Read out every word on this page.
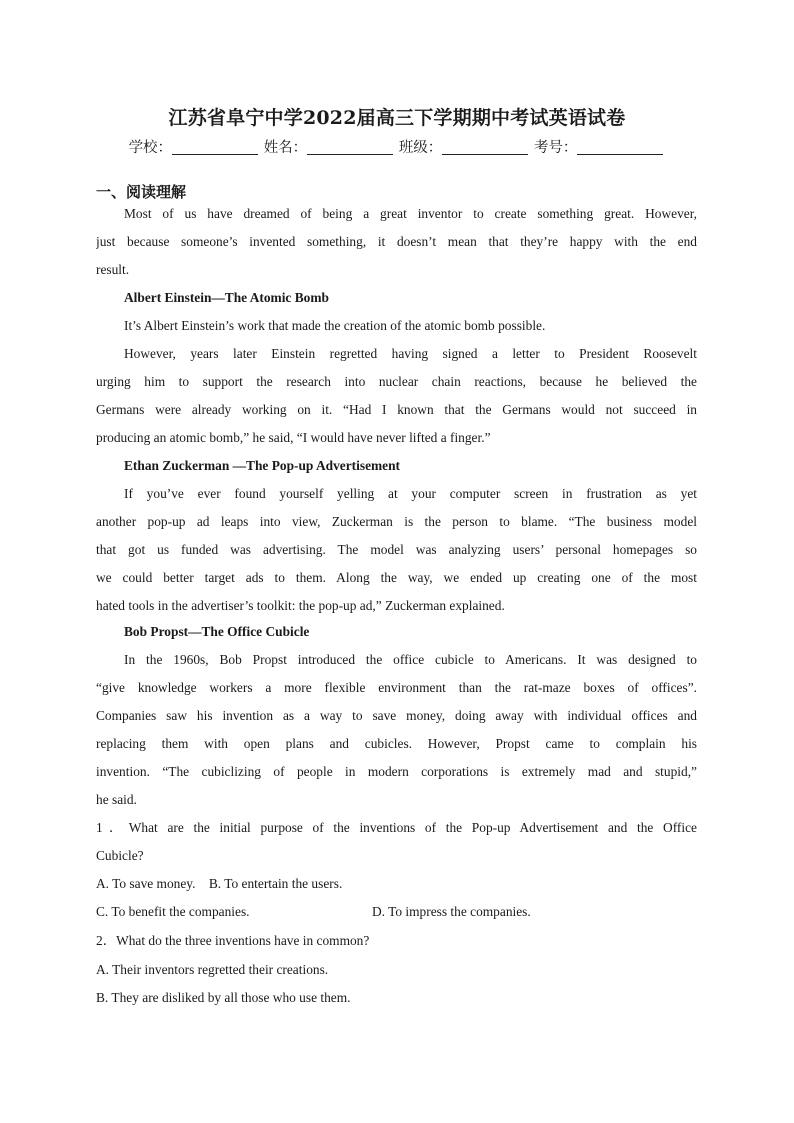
江苏省阜宁中学2022届高三下学期期中考试英语试卷
学校：	姓名：	班级：	考号：
一、阅读理解
Most of us have dreamed of being a great inventor to create something great. However,
just because someone’s invented something, it doesn’t mean that they’re happy with the end
result.
Albert Einstein—The Atomic Bomb
It’s Albert Einstein’s work that made the creation of the atomic bomb possible.
However, years later Einstein regretted having signed a letter to President Roosevelt
urging him to support the research into nuclear chain reactions, because he believed the
Germans were already working on it. “Had I known that the Germans would not succeed in
producing an atomic bomb,” he said, “I would have never lifted a finger.”
Ethan Zuckerman —The Pop-up Advertisement
If you’ve ever found yourself yelling at your computer screen in frustration as yet
another pop-up ad leaps into view, Zuckerman is the person to blame. “The business model
that got us funded was advertising. The model was analyzing users’ personal homepages so
we could better target ads to them. Along the way, we ended up creating one of the most
hated tools in the advertiser’s toolkit: the pop-up ad,” Zuckerman explained.
Bob Propst—The Office Cubicle
In the 1960s, Bob Propst introduced the office cubicle to Americans. It was designed to
“give knowledge workers a more flexible environment than the rat-maze boxes of offices”.
Companies saw his invention as a way to save money, doing away with individual offices and
replacing them with open plans and cubicles. However, Propst came to complain his
invention. “The cubiclizing of people in modern corporations is extremely mad and stupid,”
he said.
1．What are the initial purpose of the inventions of the Pop-up Advertisement and the Office
Cubicle?
A. To save money.    B. To entertain the users.
C. To benefit the companies.	D. To impress the companies.
2．What do the three inventions have in common?
A. Their inventors regretted their creations.
B. They are disliked by all those who use them.
